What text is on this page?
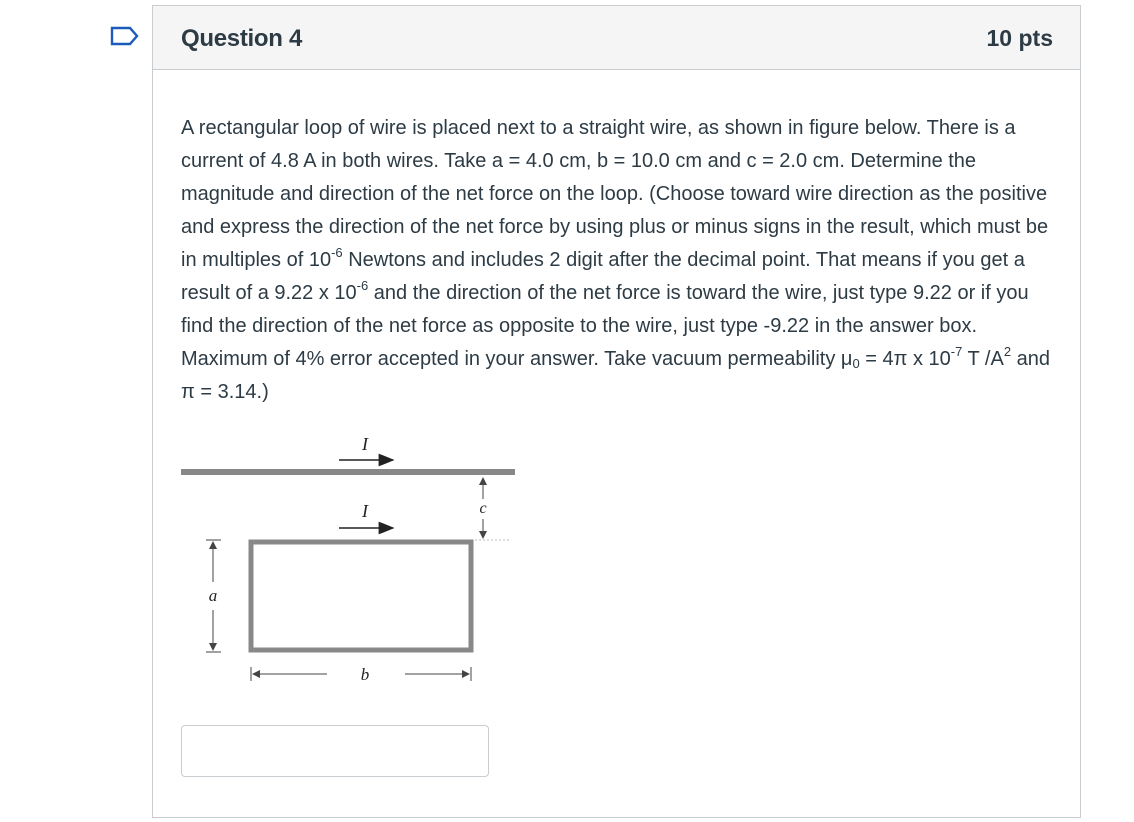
Question 4	10 pts

A rectangular loop of wire is placed next to a straight wire, as shown in figure below. There is a current of 4.8 A in both wires. Take a = 4.0 cm, b = 10.0 cm and c = 2.0 cm. Determine the magnitude and direction of the net force on the loop. (Choose toward wire direction as the positive and express the direction of the net force by using plus or minus signs in the result, which must be in multiples of $10^{-6}$ Newtons and includes 2 digit after the decimal point. That means if you get a result of a 9.22 x $10^{-6}$ and the direction of the net force is toward the wire, just type 9.22 or if you find the direction of the net force as opposite to the wire, just type -9.22 in the answer box. Maximum of 4% error accepted in your answer. Take vacuum permeability $\mu_0 = 4\pi$ x $10^{-7}$ T $/A^2$ and π = 3.14.)

I
c
I
a
b
